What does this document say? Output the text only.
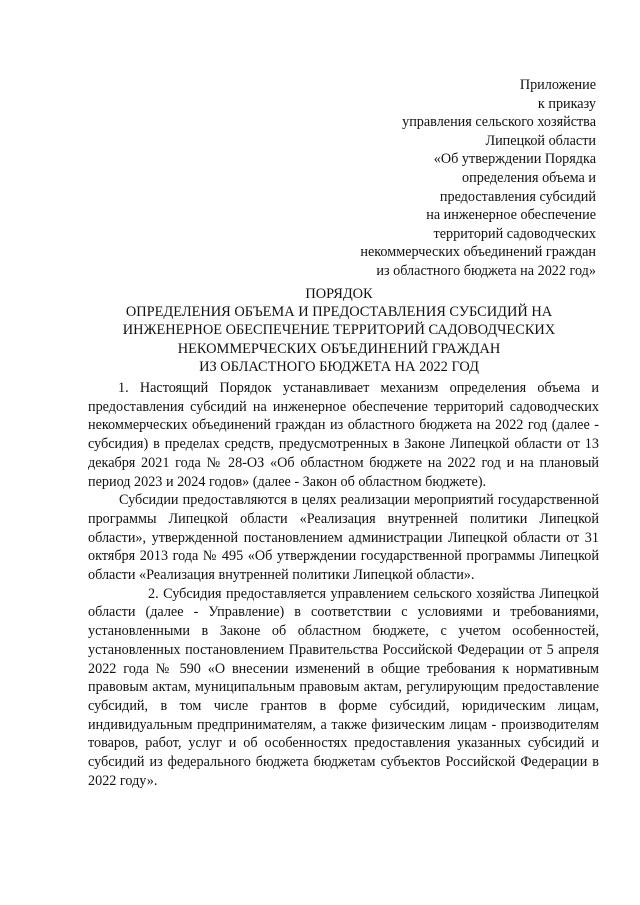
Приложение
к приказу
управления сельского хозяйства
Липецкой области
«Об утверждении Порядка
определения объема и
предоставления субсидий
на инженерное обеспечение
территорий садоводческих
некоммерческих объединений граждан
из областного бюджета на 2022 год»
ПОРЯДОК
ОПРЕДЕЛЕНИЯ ОБЪЕМА И ПРЕДОСТАВЛЕНИЯ СУБСИДИЙ НА
ИНЖЕНЕРНОЕ ОБЕСПЕЧЕНИЕ ТЕРРИТОРИЙ САДОВОДЧЕСКИХ
НЕКОММЕРЧЕСКИХ ОБЪЕДИНЕНИЙ ГРАЖДАН
ИЗ ОБЛАСТНОГО БЮДЖЕТА НА 2022 ГОД

1. Настоящий Порядок устанавливает механизм определения объема и предоставления субсидий на инженерное обеспечение территорий садоводческих некоммерческих объединений граждан из областного бюджета на 2022 год (далее - субсидия) в пределах средств, предусмотренных в Законе Липецкой области от 13 декабря 2021 года № 28-ОЗ «Об областном бюджете на 2022 год и на плановый период 2023 и 2024 годов» (далее - Закон об областном бюджете).

Субсидии предоставляются в целях реализации мероприятий государственной программы Липецкой области «Реализация внутренней политики Липецкой области», утвержденной постановлением администрации Липецкой области от 31 октября 2013 года № 495 «Об утверждении государственной программы Липецкой области «Реализация внутренней политики Липецкой области».

2. Субсидия предоставляется управлением сельского хозяйства Липецкой области (далее - Управление) в соответствии с условиями и требованиями, установленными в Законе об областном бюджете, с учетом особенностей, установленных постановлением Правительства Российской Федерации от 5 апреля 2022 года № 590 «О внесении изменений в общие требования к нормативным правовым актам, муниципальным правовым актам, регулирующим предоставление субсидий, в том числе грантов в форме субсидий, юридическим лицам, индивидуальным предпринимателям, а также физическим лицам - производителям товаров, работ, услуг и об особенностях предоставления указанных субсидий и субсидий из федерального бюджета бюджетам субъектов Российской Федерации в 2022 году».
